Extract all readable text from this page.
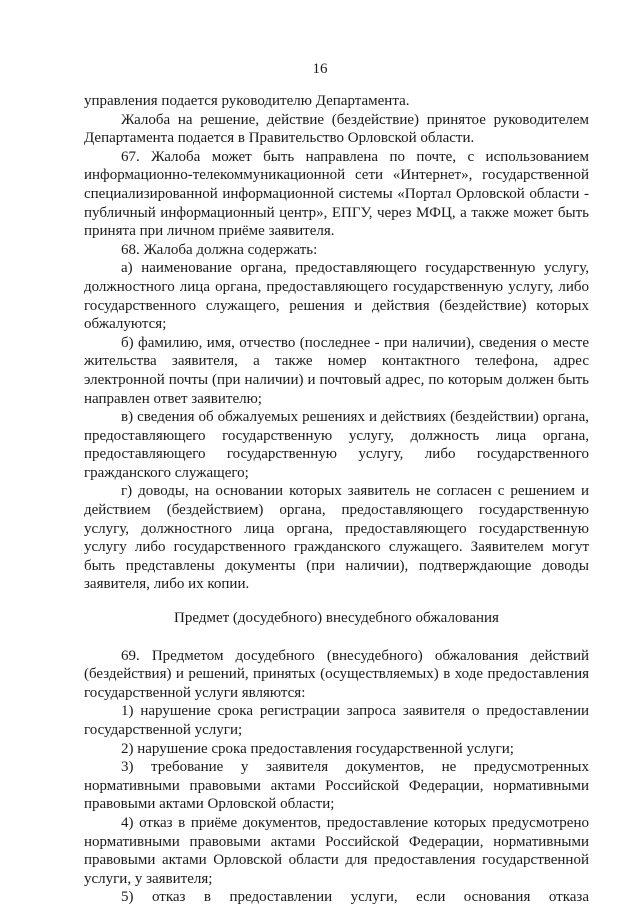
16

управления подается руководителю Департамента.

Жалоба на решение, действие (бездействие) принятое руководителем Департамента подается в Правительство Орловской области.

67. Жалоба может быть направлена по почте, с использованием информационно-телекоммуникационной сети «Интернет», государственной специализированной информационной системы «Портал Орловской области - публичный информационный центр», ЕПГУ, через МФЦ, а также может быть принята при личном приёме заявителя.

68. Жалоба должна содержать:

а) наименование органа, предоставляющего государственную услугу, должностного лица органа, предоставляющего государственную услугу, либо государственного служащего, решения и действия (бездействие) которых обжалуются;

б) фамилию, имя, отчество (последнее - при наличии), сведения о месте жительства заявителя, а также номер контактного телефона, адрес электронной почты (при наличии) и почтовый адрес, по которым должен быть направлен ответ заявителю;

в) сведения об обжалуемых решениях и действиях (бездействии) органа, предоставляющего государственную услугу, должность лица органа, предоставляющего государственную услугу, либо государственного гражданского служащего;

г) доводы, на основании которых заявитель не согласен с решением и действием (бездействием) органа, предоставляющего государственную услугу, должностного лица органа, предоставляющего государственную услугу либо государственного гражданского служащего. Заявителем могут быть представлены документы (при наличии), подтверждающие доводы заявителя, либо их копии.

Предмет (досудебного) внесудебного обжалования

69. Предметом досудебного (внесудебного) обжалования действий (бездействия) и решений, принятых (осуществляемых) в ходе предоставления государственной услуги являются:

1) нарушение срока регистрации запроса заявителя о предоставлении государственной услуги;

2) нарушение срока предоставления государственной услуги;

3) требование у заявителя документов, не предусмотренных нормативными правовыми актами Российской Федерации, нормативными правовыми актами Орловской области;

4) отказ в приёме документов, предоставление которых предусмотрено нормативными правовыми актами Российской Федерации, нормативными правовыми актами Орловской области для предоставления государственной услуги, у заявителя;

5) отказ в предоставлении услуги, если основания отказа
